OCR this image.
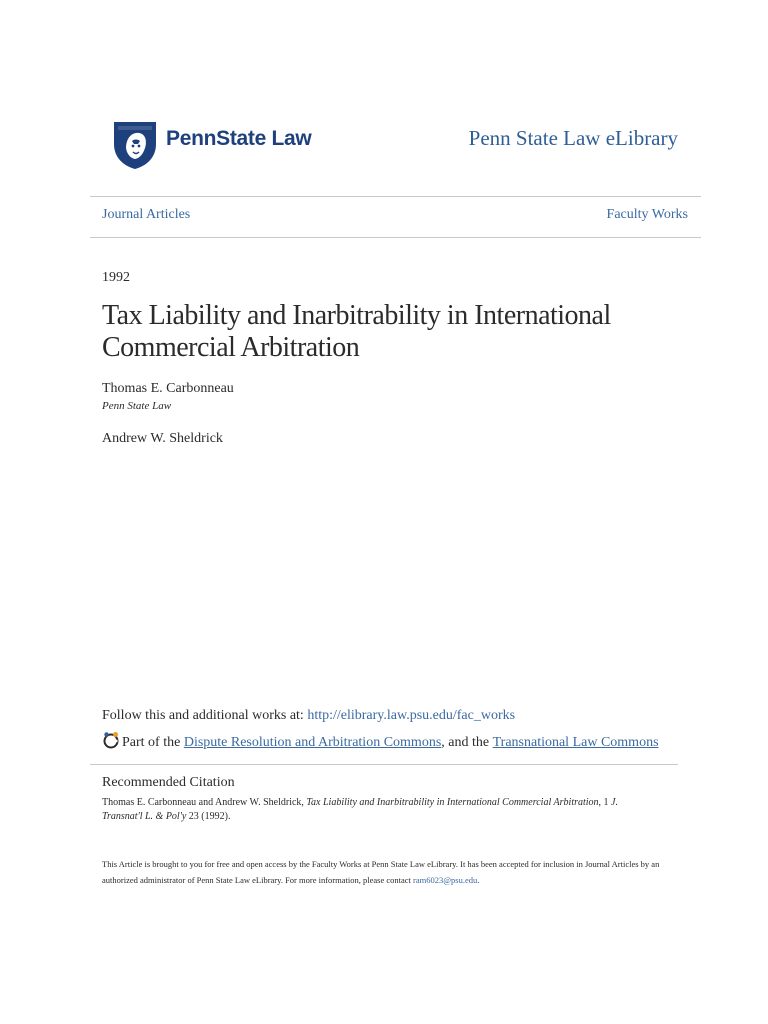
PennState Law	Penn State Law eLibrary
Journal Articles	Faculty Works
1992
Tax Liability and Inarbitrability in International Commercial Arbitration
Thomas E. Carbonneau
Penn State Law
Andrew W. Sheldrick
Follow this and additional works at: http://elibrary.law.psu.edu/fac_works
Part of the
Dispute Resolution and Arbitration Commons , and the
Transnational Law Commons
Recommended Citation
Thomas E. Carbonneau and Andrew W. Sheldrick, Tax Liability and Inarbitrability in International Commercial Arbitration, 1 J. Transnat'l L. & Pol'y 23 (1992).
This Article is brought to you for free and open access by the Faculty Works at Penn State Law eLibrary. It has been accepted for inclusion in Journal Articles by an authorized administrator of Penn State Law eLibrary. For more information, please contact ram6023@psu.edu.
